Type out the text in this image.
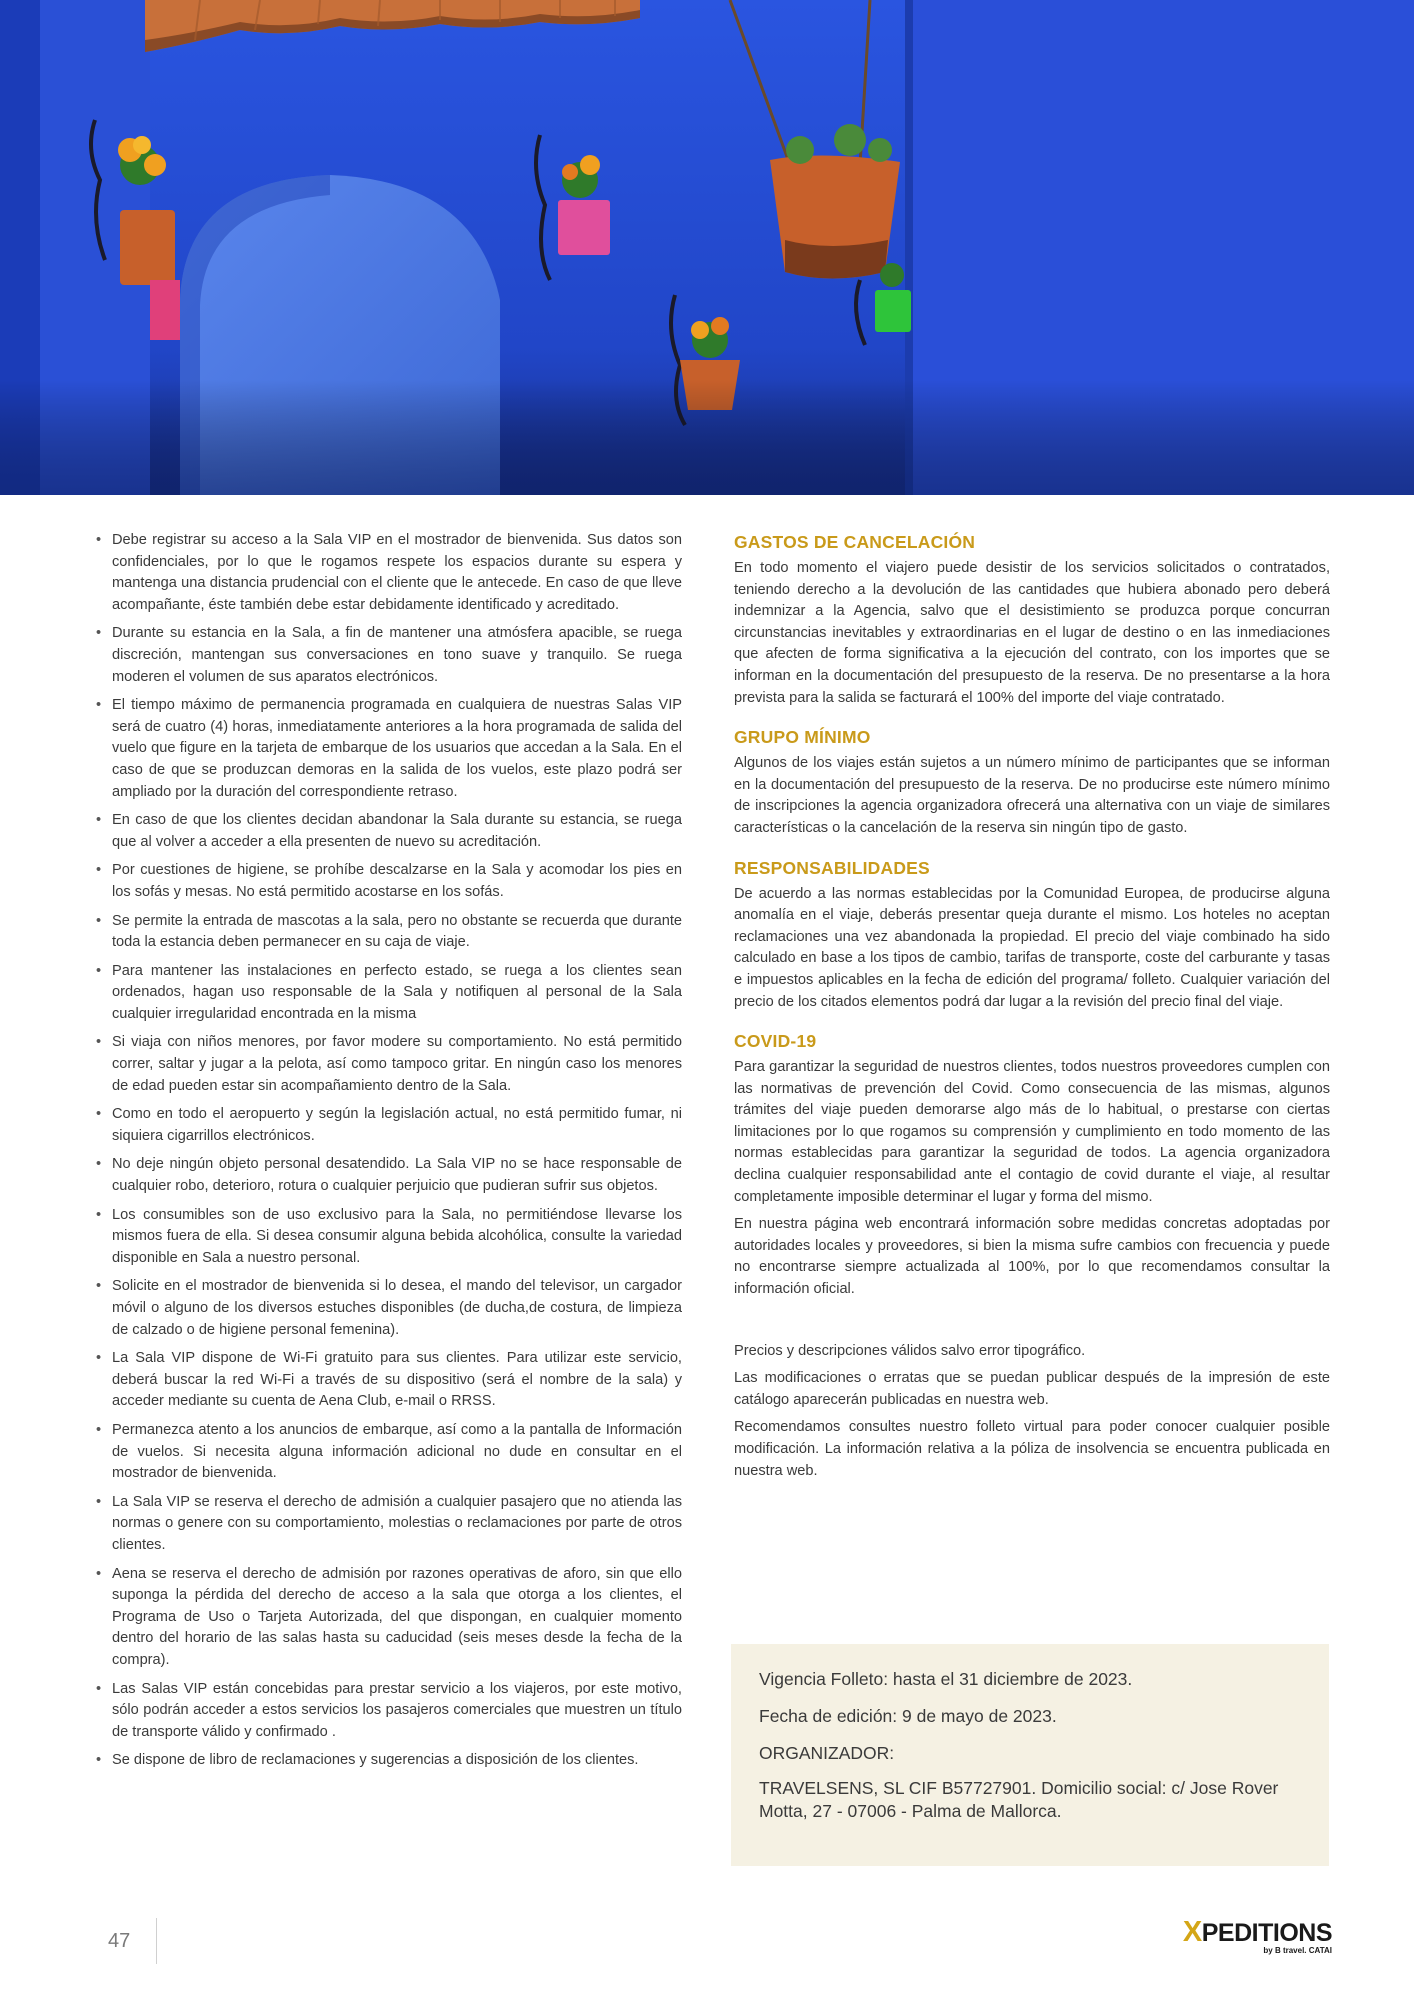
• Debe registrar su acceso a la Sala VIP en el mostrador de bienvenida. Sus datos son confidenciales, por lo que le rogamos respete los espacios durante su espera y mantenga una distancia prudencial con el cliente que le antecede. En caso de que lleve acompañante, éste también debe estar debidamente identificado y acreditado.
• Durante su estancia en la Sala, a fin de mantener una atmósfera apacible, se ruega discreción, mantengan sus conversaciones en tono suave y tranquilo. Se ruega moderen el volumen de sus aparatos electrónicos.
• El tiempo máximo de permanencia programada en cualquiera de nuestras Salas VIP será de cuatro (4) horas, inmediatamente anteriores a la hora programada de salida del vuelo que figure en la tarjeta de embarque de los usuarios que accedan a la Sala. En el caso de que se produzcan demoras en la salida de los vuelos, este plazo podrá ser ampliado por la duración del correspondiente retraso.
• En caso de que los clientes decidan abandonar la Sala durante su estancia, se ruega que al volver a acceder a ella presenten de nuevo su acreditación.
• Por cuestiones de higiene, se prohíbe descalzarse en la Sala y acomodar los pies en los sofás y mesas. No está permitido acostarse en los sofás.
• Se permite la entrada de mascotas a la sala, pero no obstante se recuerda que durante toda la estancia deben permanecer en su caja de viaje.
• Para mantener las instalaciones en perfecto estado, se ruega a los clientes sean ordenados, hagan uso responsable de la Sala y notifiquen al personal de la Sala cualquier irregularidad encontrada en la misma
• Si viaja con niños menores, por favor modere su comportamiento. No está permitido correr, saltar y jugar a la pelota, así como tampoco gritar. En ningún caso los menores de edad pueden estar sin acompañamiento dentro de la Sala.
• Como en todo el aeropuerto y según la legislación actual, no está permitido fumar, ni siquiera cigarrillos electrónicos.
• No deje ningún objeto personal desatendido. La Sala VIP no se hace responsable de cualquier robo, deterioro, rotura o cualquier perjuicio que pudieran sufrir sus objetos.
• Los consumibles son de uso exclusivo para la Sala, no permitiéndose llevarse los mismos fuera de ella. Si desea consumir alguna bebida alcohólica, consulte la variedad disponible en Sala a nuestro personal.
• Solicite en el mostrador de bienvenida si lo desea, el mando del televisor, un cargador móvil o alguno de los diversos estuches disponibles (de ducha,de costura, de limpieza de calzado o de higiene personal femenina).
• La Sala VIP dispone de Wi-Fi gratuito para sus clientes. Para utilizar este servicio, deberá buscar la red Wi-Fi a través de su dispositivo (será el nombre de la sala) y acceder mediante su cuenta de Aena Club, e-mail o RRSS.
• Permanezca atento a los anuncios de embarque, así como a la pantalla de Información de vuelos. Si necesita alguna información adicional no dude en consultar en el mostrador de bienvenida.
• La Sala VIP se reserva el derecho de admisión a cualquier pasajero que no atienda las normas o genere con su comportamiento, molestias o reclamaciones por parte de otros clientes.
• Aena se reserva el derecho de admisión por razones operativas de aforo, sin que ello suponga la pérdida del derecho de acceso a la sala que otorga a los clientes, el Programa de Uso o Tarjeta Autorizada, del que dispongan, en cualquier momento dentro del horario de las salas hasta su caducidad (seis meses desde la fecha de la compra).
• Las Salas VIP están concebidas para prestar servicio a los viajeros, por este motivo, sólo podrán acceder a estos servicios los pasajeros comerciales que muestren un título de transporte válido y confirmado .
• Se dispone de libro de reclamaciones y sugerencias a disposición de los clientes.
GASTOS DE CANCELACIÓN

En todo momento el viajero puede desistir de los servicios solicitados o contratados, teniendo derecho a la devolución de las cantidades que hubiera abonado pero deberá indemnizar a la Agencia, salvo que el desistimiento se produzca porque concurran circunstancias inevitables y extraordinarias en el lugar de destino o en las inmediaciones que afecten de forma significativa a la ejecución del contrato, con los importes que se informan en la documentación del presupuesto de la reserva. De no presentarse a la hora prevista para la salida se facturará el 100% del importe del viaje contratado.

GRUPO MÍNIMO

Algunos de los viajes están sujetos a un número mínimo de participantes que se informan en la documentación del presupuesto de la reserva. De no producirse este número mínimo de inscripciones la agencia organizadora ofrecerá una alternativa con un viaje de similares características o la cancelación de la reserva sin ningún tipo de gasto.

RESPONSABILIDADES

De acuerdo a las normas establecidas por la Comunidad Europea, de producirse alguna anomalía en el viaje, deberás presentar queja durante el mismo. Los hoteles no aceptan reclamaciones una vez abandonada la propiedad. El precio del viaje combinado ha sido calculado en base a los tipos de cambio, tarifas de transporte, coste del carburante y tasas e impuestos aplicables en la fecha de edición del programa/ folleto. Cualquier variación del precio de los citados elementos podrá dar lugar a la revisión del precio final del viaje.

COVID-19

Para garantizar la seguridad de nuestros clientes, todos nuestros proveedores cumplen con las normativas de prevención del Covid. Como consecuencia de las mismas, algunos trámites del viaje pueden demorarse algo más de lo habitual, o prestarse con ciertas limitaciones por lo que rogamos su comprensión y cumplimiento en todo momento de las normas establecidas para garantizar la seguridad de todos. La agencia organizadora declina cualquier responsabilidad ante el contagio de covid durante el viaje, al resultar completamente imposible determinar el lugar y forma del mismo.

En nuestra página web encontrará información sobre medidas concretas adoptadas por autoridades locales y proveedores, si bien la misma sufre cambios con frecuencia y puede no encontrarse siempre actualizada al 100%, por lo que recomendamos consultar la información oficial.

Precios y descripciones válidos salvo error tipográfico.

Las modificaciones o erratas que se puedan publicar después de la impresión de este catálogo aparecerán publicadas en nuestra web.

Recomendamos consultes nuestro folleto virtual para poder conocer cualquier posible modificación. La información relativa a la póliza de insolvencia se encuentra publicada en nuestra web.

Vigencia Folleto: hasta el 31 diciembre de 2023.

Fecha de edición: 9 de mayo de 2023.

ORGANIZADOR:

TRAVELSENS, SL CIF B57727901. Domicilio social: c/ Jose Rover Motta, 27 - 07006 - Palma de Mallorca.

47	XPEDITIONS
by B travel. CATAI
